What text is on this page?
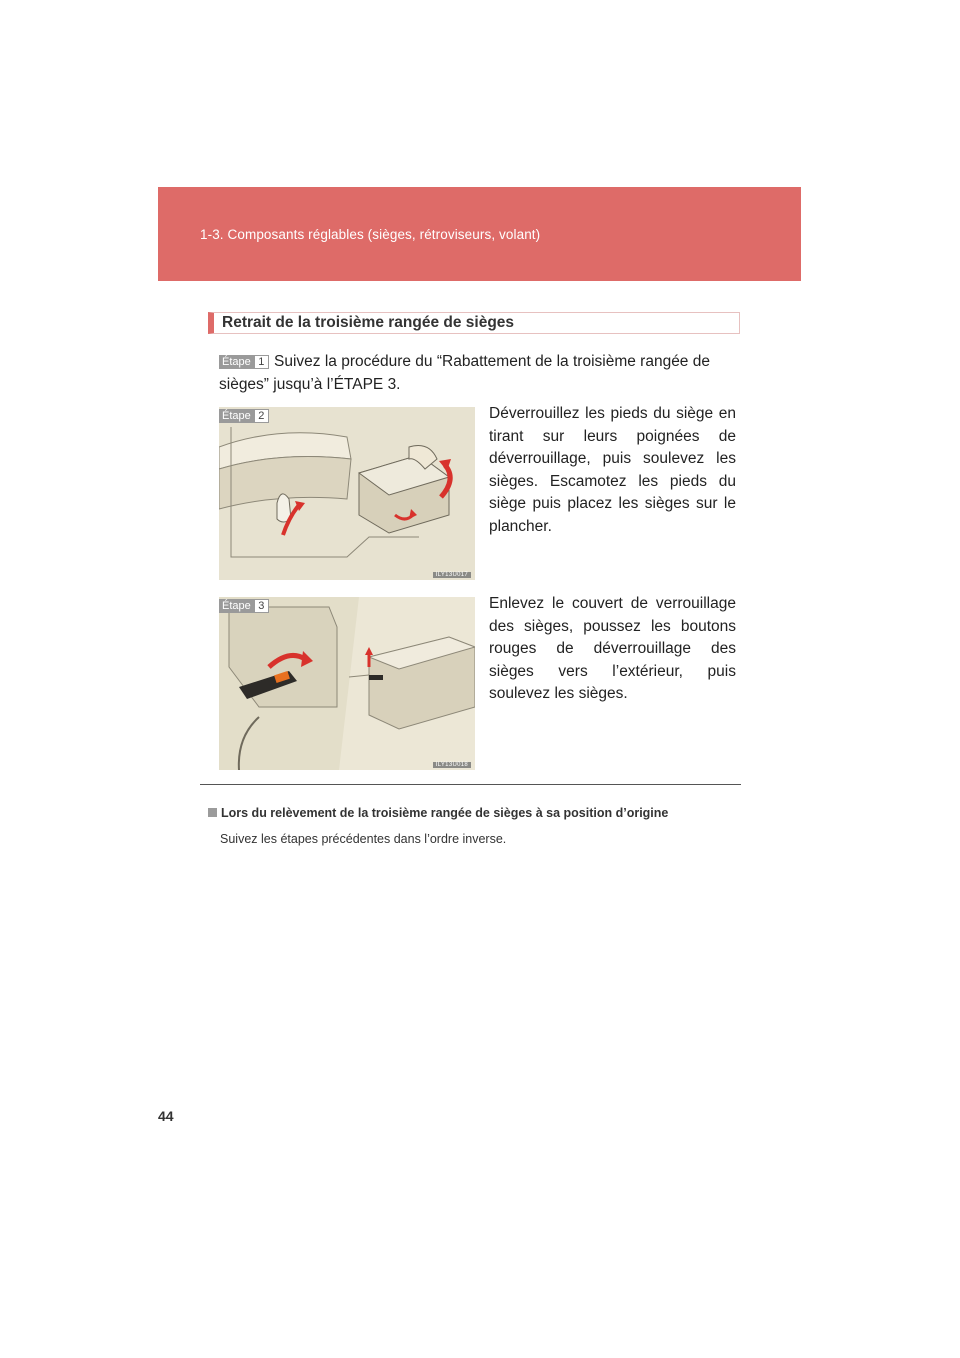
1-3. Composants réglables (sièges, rétroviseurs, volant)
Retrait de la troisième rangée de sièges
Étape 1 Suivez la procédure du “Rabattement de la troisième rangée de sièges” jusqu’à l’ÉTAPE 3.
ILY13U017
Étape 2	Déverrouillez les pieds du siège en tirant sur leurs poignées de déverrouillage, puis soulevez les sièges. Escamotez les pieds du siège puis placez les sièges sur le plancher.
ILY13U018
Étape 3	Enlevez le couvert de verrouillage des sièges, poussez les boutons rouges de déverrouillage des sièges vers l’extérieur, puis soulevez les sièges.
Lors du relèvement de la troisième rangée de sièges à sa position d’origine
Suivez les étapes précédentes dans l’ordre inverse.
44
